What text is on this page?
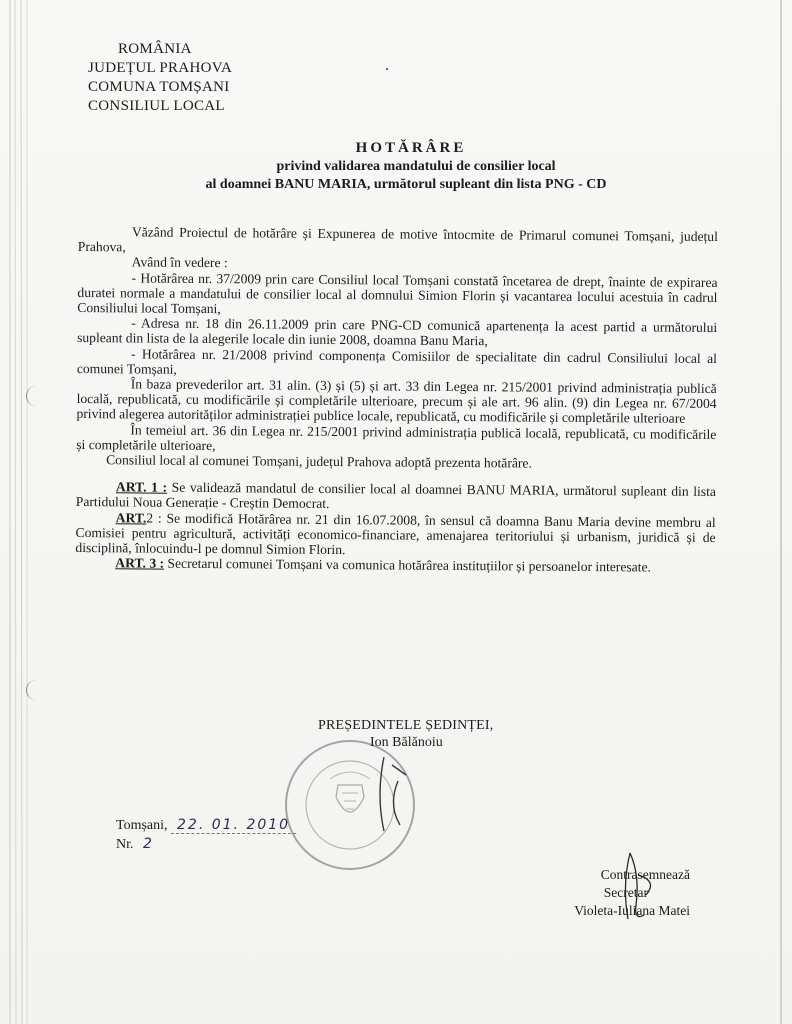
ROMÂNIA
JUDEȚUL PRAHOVA
COMUNA TOMȘANI
CONSILIUL LOCAL
HOTĂRÂRE
privind validarea mandatului de consilier local
al doamnei BANU MARIA, următorul supleant din lista PNG - CD

Văzând Proiectul de hotărâre și Expunerea de motive întocmite de Primarul comunei Tomșani, județul Prahova,

Având în vedere :

- Hotărârea nr. 37/2009 prin care Consiliul local Tomșani constată încetarea de drept, înainte de expirarea duratei normale a mandatului de consilier local al domnului Simion Florin și vacantarea locului acestuia în cadrul Consiliului local Tomșani,

- Adresa nr. 18 din 26.11.2009 prin care PNG-CD comunică apartenența la acest partid a următorului supleant din lista de la alegerile locale din iunie 2008, doamna Banu Maria,

- Hotărârea nr. 21/2008 privind componența Comisiilor de specialitate din cadrul Consiliului local al comunei Tomșani,

În baza prevederilor art. 31 alin. (3) și (5) și art. 33 din Legea nr. 215/2001 privind administrația publică locală, republicată, cu modificările și completările ulterioare, precum și ale art. 96 alin. (9) din Legea nr. 67/2004 privind alegerea autorităților administrației publice locale, republicată, cu modificările și completările ulterioare

În temeiul art. 36 din Legea nr. 215/2001 privind administrația publică locală, republicată, cu modificările și completările ulterioare,

Consiliul local al comunei Tomșani, județul Prahova adoptă prezenta hotărâre.

ART. 1 : Se validează mandatul de consilier local al doamnei BANU MARIA, următorul supleant din lista Partidului Noua Generație - Creștin Democrat.

ART.2 : Se modifică Hotărârea nr. 21 din 16.07.2008, în sensul că doamna Banu Maria devine membru al Comisiei pentru agricultură, activități economico-financiare, amenajarea teritoriului și urbanism, juridică și de disciplină, înlocuindu-l pe domnul Simion Florin.

ART. 3 : Secretarul comunei Tomșani va comunica hotărârea instituțiilor și persoanelor interesate.

PREȘEDINTELE ȘEDINȚEI,
Ion Bălănoiu
Tomșani, 22. 01. 2010
Nr. 2
Contrasemnează
Secretar
Violeta-Iuliana Matei
